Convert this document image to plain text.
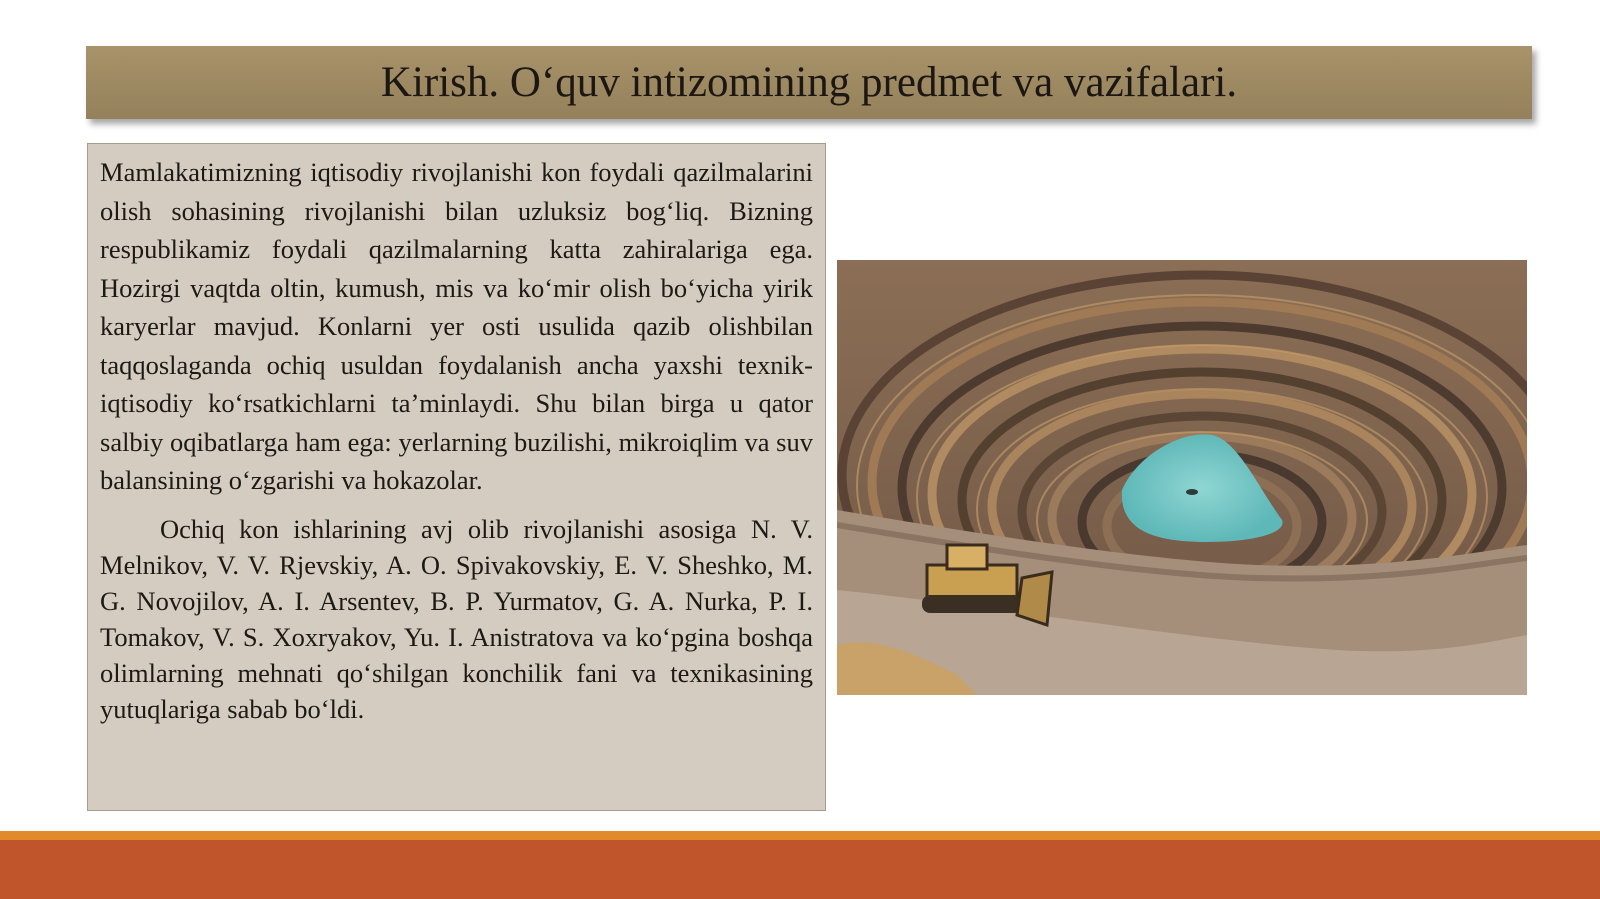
Kirish. O‘quv intizomining predmet va vazifalari.

Mamlakatimizning iqtisodiy rivojlanishi kon foydali qazilmalarini olish sohasining rivojlanishi bilan uzluksiz bog‘liq. Bizning respublikamiz foydali qazilmalarning katta zahiralariga ega. Hozirgi vaqtda oltin, kumush, mis va ko‘mir olish bo‘yicha yirik karyerlar mavjud. Konlarni yer osti usulida qazib olishbilan taqqoslaganda ochiq usuldan foydalanish ancha yaxshi texnik-iqtisodiy ko‘rsatkichlarni ta’minlaydi. Shu bilan birga u qator salbiy oqibatlarga ham ega: yerlarning buzilishi, mikroiqlim va suv balansining o‘zgarishi va hokazolar.

Ochiq kon ishlarining avj olib rivojlanishi asosiga N. V. Melnikov, V. V. Rjevskiy, A. O. Spivakovskiy, E. V. Sheshko, M. G. Novojilov, A. I. Arsentev, B. P. Yurmatov, G. A. Nurka, P. I. Tomakov, V. S. Xoxryakov, Yu. I. Anistratova va ko‘pgina boshqa olimlarning mehnati qo‘shilgan konchilik fani va texnikasining yutuqlariga sabab bo‘ldi.
